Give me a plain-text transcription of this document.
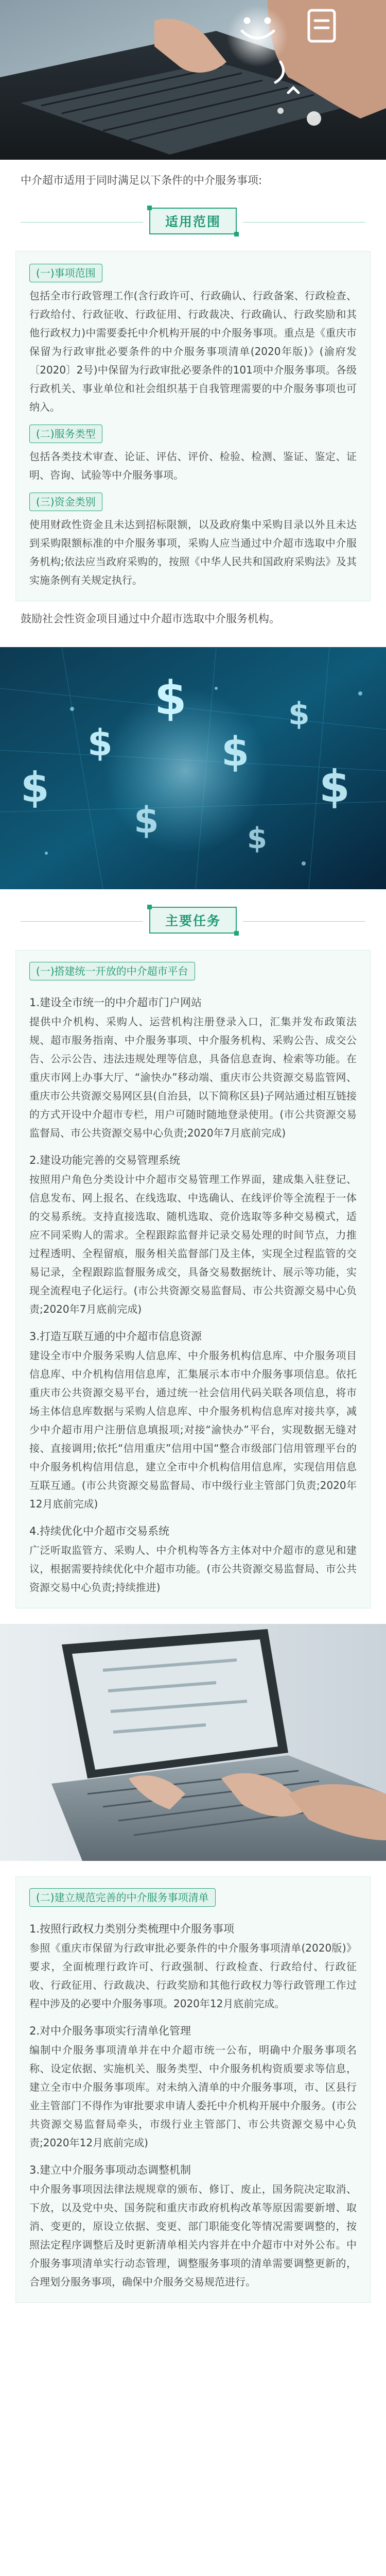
中介超市适用于同时满足以下条件的中介服务事项:
适用范围
(一)事项范围
包括全市行政管理工作(含行政许可、行政确认、行政备案、行政检查、行政给付、行政征收、行政征用、行政裁决、行政确认、行政奖励和其他行政权力)中需要委托中介机构开展的中介服务事项。重点是《重庆市保留为行政审批必要条件的中介服务事项清单(2020年版)》(渝府发〔2020〕2号)中保留为行政审批必要条件的101项中介服务事项。各级行政机关、事业单位和社会组织基于自我管理需要的中介服务事项也可纳入。
(二)服务类型
包括各类技术审查、论证、评估、评价、检验、检测、鉴证、鉴定、证明、咨询、试验等中介服务事项。
(三)资金类别
使用财政性资金且未达到招标限额，以及政府集中采购目录以外且未达到采购限额标准的中介服务事项，采购人应当通过中介超市选取中介服务机构;依法应当政府采购的，按照《中华人民共和国政府采购法》及其实施条例有关规定执行。
鼓励社会性资金项目通过中介超市选取中介服务机构。
$
$
$
$
$
$
$	$
主要任务
(一)搭建统一开放的中介超市平台
1.建设全市统一的中介超市门户网站
提供中介机构、采购人、运营机构注册登录入口，汇集并发布政策法规、超市服务指南、中介服务事项、中介服务机构、采购公告、成交公告、公示公告、违法违规处理等信息，具备信息查询、检索等功能。在重庆市网上办事大厅、“渝快办”移动端、重庆市公共资源交易监管网、重庆市公共资源交易网区县(自治县，以下简称区县)子网站通过相互链接的方式开设中介超市专栏，用户可随时随地登录使用。(市公共资源交易监督局、市公共资源交易中心负责;2020年7月底前完成)
2.建设功能完善的交易管理系统
按照用户角色分类设计中介超市交易管理工作界面，建成集入驻登记、信息发布、网上报名、在线选取、中选确认、在线评价等全流程于一体的交易系统。支持直接选取、随机选取、竞价选取等多种交易模式，适应不同采购人的需求。全程跟踪监督并记录交易处理的时间节点，力推过程透明、全程留痕，服务相关监督部门及主体，实现全过程监管的交易记录，全程跟踪监督服务成交，具备交易数据统计、展示等功能，实现全流程电子化运行。(市公共资源交易监督局、市公共资源交易中心负责;2020年7月底前完成)
3.打造互联互通的中介超市信息资源
建设全市中介服务采购人信息库、中介服务机构信息库、中介服务项目信息库、中介机构信用信息库，汇集展示本市中介服务事项信息。依托重庆市公共资源交易平台，通过统一社会信用代码关联各项信息，将市场主体信息库数据与采购人信息库、中介服务机构信息库对接共享，减少中介超市用户注册信息填报项;对接“渝快办”平台，实现数据无缝对接、直接调用;依托“信用重庆”信用中国“整合市级部门信用管理平台的中介服务机构信用信息，建立全市中介机构信用信息库，实现信用信息互联互通。(市公共资源交易监督局、市中级行业主管部门负责;2020年12月底前完成)
4.持续优化中介超市交易系统
广泛听取监管方、采购人、中介机构等各方主体对中介超市的意见和建议，根据需要持续优化中介超市功能。(市公共资源交易监督局、市公共资源交易中心负责;持续推进)
(二)建立规范完善的中介服务事项清单
1.按照行政权力类别分类梳理中介服务事项
参照《重庆市保留为行政审批必要条件的中介服务事项清单(2020版)》要求，全面梳理行政许可、行政强制、行政检查、行政给付、行政征收、行政征用、行政裁决、行政奖励和其他行政权力等行政管理工作过程中涉及的必要中介服务事项。2020年12月底前完成。
2.对中介服务事项实行清单化管理
编制中介服务事项清单并在中介超市统一公布，明确中介服务事项名称、设定依据、实施机关、服务类型、中介服务机构资质要求等信息，建立全市中介服务事项库。对未纳入清单的中介服务事项，市、区县行业主管部门不得作为审批要求申请人委托中介机构开展中介服务。(市公共资源交易监督局牵头，市级行业主管部门、市公共资源交易中心负责;2020年12月底前完成)
3.建立中介服务事项动态调整机制
中介服务事项因法律法规规章的颁布、修订、废止，国务院决定取消、下放，以及党中央、国务院和重庆市政府机构改革等原因需要新增、取消、变更的，原设立依据、变更、部门职能变化等情况需要调整的，按照法定程序调整后及时更新清单相关内容并在中介超市中对外公布。中介服务事项清单实行动态管理，调整服务事项的清单需要调整更新的，合理划分服务事项，确保中介服务交易规范进行。
